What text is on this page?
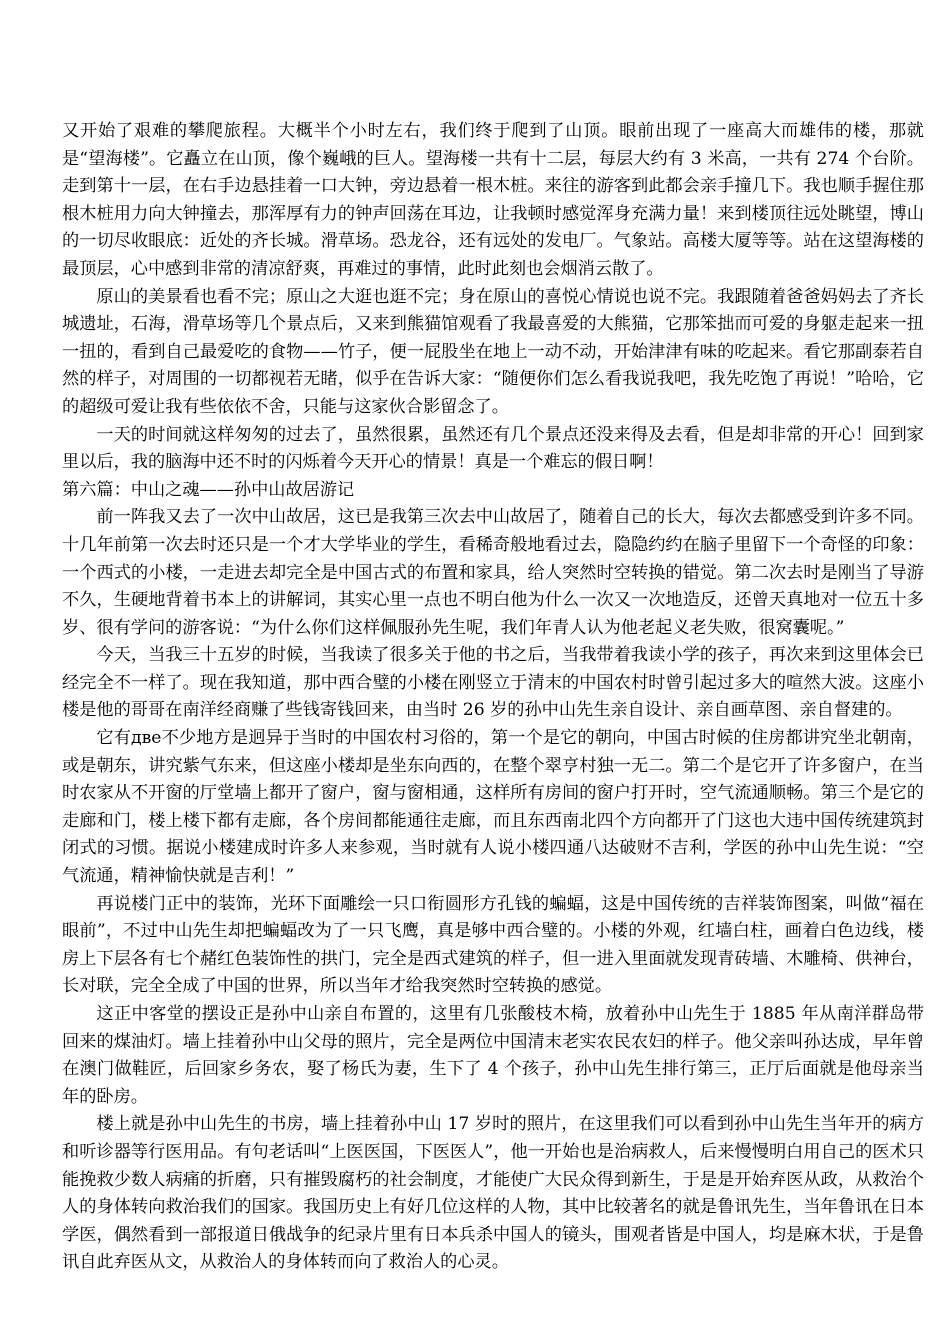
又开始了艰难的攀爬旅程。大概半个小时左右，我们终于爬到了山顶。眼前出现了一座高大而雄伟的楼，那就是“望海楼”。它矗立在山顶，像个巍峨的巨人。望海楼一共有十二层，每层大约有 3 米高，一共有 274 个台阶。走到第十一层，在右手边悬挂着一口大钟，旁边悬着一根木桩。来往的游客到此都会亲手撞几下。我也顺手握住那根木桩用力向大钟撞去，那浑厚有力的钟声回荡在耳边，让我顿时感觉浑身充满力量！来到楼顶往远处眺望，博山的一切尽收眼底：近处的齐长城。滑草场。恐龙谷，还有远处的发电厂。气象站。高楼大厦等等。站在这望海楼的最顶层，心中感到非常的清凉舒爽，再难过的事情，此时此刻也会烟消云散了。

原山的美景看也看不完；原山之大逛也逛不完；身在原山的喜悦心情说也说不完。我跟随着爸爸妈妈去了齐长城遗址，石海，滑草场等几个景点后，又来到熊猫馆观看了我最喜爱的大熊猫，它那笨拙而可爱的身躯走起来一扭一扭的，看到自己最爱吃的食物——竹子，便一屁股坐在地上一动不动，开始津津有味的吃起来。看它那副泰若自然的样子，对周围的一切都视若无睹，似乎在告诉大家：“随便你们怎么看我说我吧，我先吃饱了再说！”哈哈，它的超级可爱让我有些依依不舍，只能与这家伙合影留念了。

一天的时间就这样匆匆的过去了，虽然很累，虽然还有几个景点还没来得及去看，但是却非常的开心！回到家里以后，我的脑海中还不时的闪烁着今天开心的情景！真是一个难忘的假日啊！

第六篇：中山之魂——孙中山故居游记

前一阵我又去了一次中山故居，这已是我第三次去中山故居了，随着自己的长大，每次去都感受到许多不同。十几年前第一次去时还只是一个才大学毕业的学生，看稀奇般地看过去，隐隐约约在脑子里留下一个奇怪的印象：一个西式的小楼，一走进去却完全是中国古式的布置和家具，给人突然时空转换的错觉。第二次去时是刚当了导游不久，生硬地背着书本上的讲解词，其实心里一点也不明白他为什么一次又一次地造反，还曾天真地对一位五十多岁、很有学问的游客说：“为什么你们这样佩服孙先生呢，我们年青人认为他老起义老失败，很窝囊呢。”

今天，当我三十五岁的时候，当我读了很多关于他的书之后，当我带着我读小学的孩子，再次来到这里体会已经完全不一样了。现在我知道，那中西合璧的小楼在刚竖立于清末的中国农村时曾引起过多大的喧然大波。这座小楼是他的哥哥在南洋经商赚了些钱寄钱回来，由当时 26 岁的孙中山先生亲自设计、亲自画草图、亲自督建的。

它有две不少地方是迥异于当时的中国农村习俗的，第一个是它的朝向，中国古时候的住房都讲究坐北朝南，或是朝东，讲究紫气东来，但这座小楼却是坐东向西的，在整个翠亨村独一无二。第二个是它开了许多窗户，在当时农家从不开窗的厅堂墙上都开了窗户，窗与窗相通，这样所有房间的窗户打开时，空气流通顺畅。第三个是它的走廊和门，楼上楼下都有走廊，各个房间都能通往走廊，而且东西南北四个方向都开了门这也大违中国传统建筑封闭式的习惯。据说小楼建成时许多人来参观，当时就有人说小楼四通八达破财不吉利，学医的孙中山先生说：“空气流通，精神愉快就是吉利！”

再说楼门正中的装饰，光环下面雕绘一只口衔圆形方孔钱的蝙蝠，这是中国传统的吉祥装饰图案，叫做“福在眼前”，不过中山先生却把蝙蝠改为了一只飞鹰，真是够中西合璧的。小楼的外观，红墙白柱，画着白色边线，楼房上下层各有七个赭红色装饰性的拱门，完全是西式建筑的样子，但一进入里面就发现青砖墙、木雕椅、供神台，长对联，完全全成了中国的世界，所以当年才给我突然时空转换的感觉。

这正中客堂的摆设正是孙中山亲自布置的，这里有几张酸枝木椅，放着孙中山先生于 1885 年从南洋群岛带回来的煤油灯。墙上挂着孙中山父母的照片，完全是两位中国清末老实农民农妇的样子。他父亲叫孙达成，早年曾在澳门做鞋匠，后回家乡务农，娶了杨氏为妻，生下了 4 个孩子，孙中山先生排行第三，正厅后面就是他母亲当年的卧房。

楼上就是孙中山先生的书房，墙上挂着孙中山 17 岁时的照片，在这里我们可以看到孙中山先生当年开的病方和听诊器等行医用品。有句老话叫“上医医国，下医医人”，他一开始也是治病救人，后来慢慢明白用自己的医术只能挽救少数人病痛的折磨，只有摧毁腐朽的社会制度，才能使广大民众得到新生，于是是开始弃医从政，从救治个人的身体转向救治我们的国家。我国历史上有好几位这样的人物，其中比较著名的就是鲁讯先生，当年鲁讯在日本学医，偶然看到一部报道日俄战争的纪录片里有日本兵杀中国人的镜头，围观者皆是中国人，均是麻木状，于是鲁讯自此弃医从文，从救治人的身体转而向了救治人的心灵。
